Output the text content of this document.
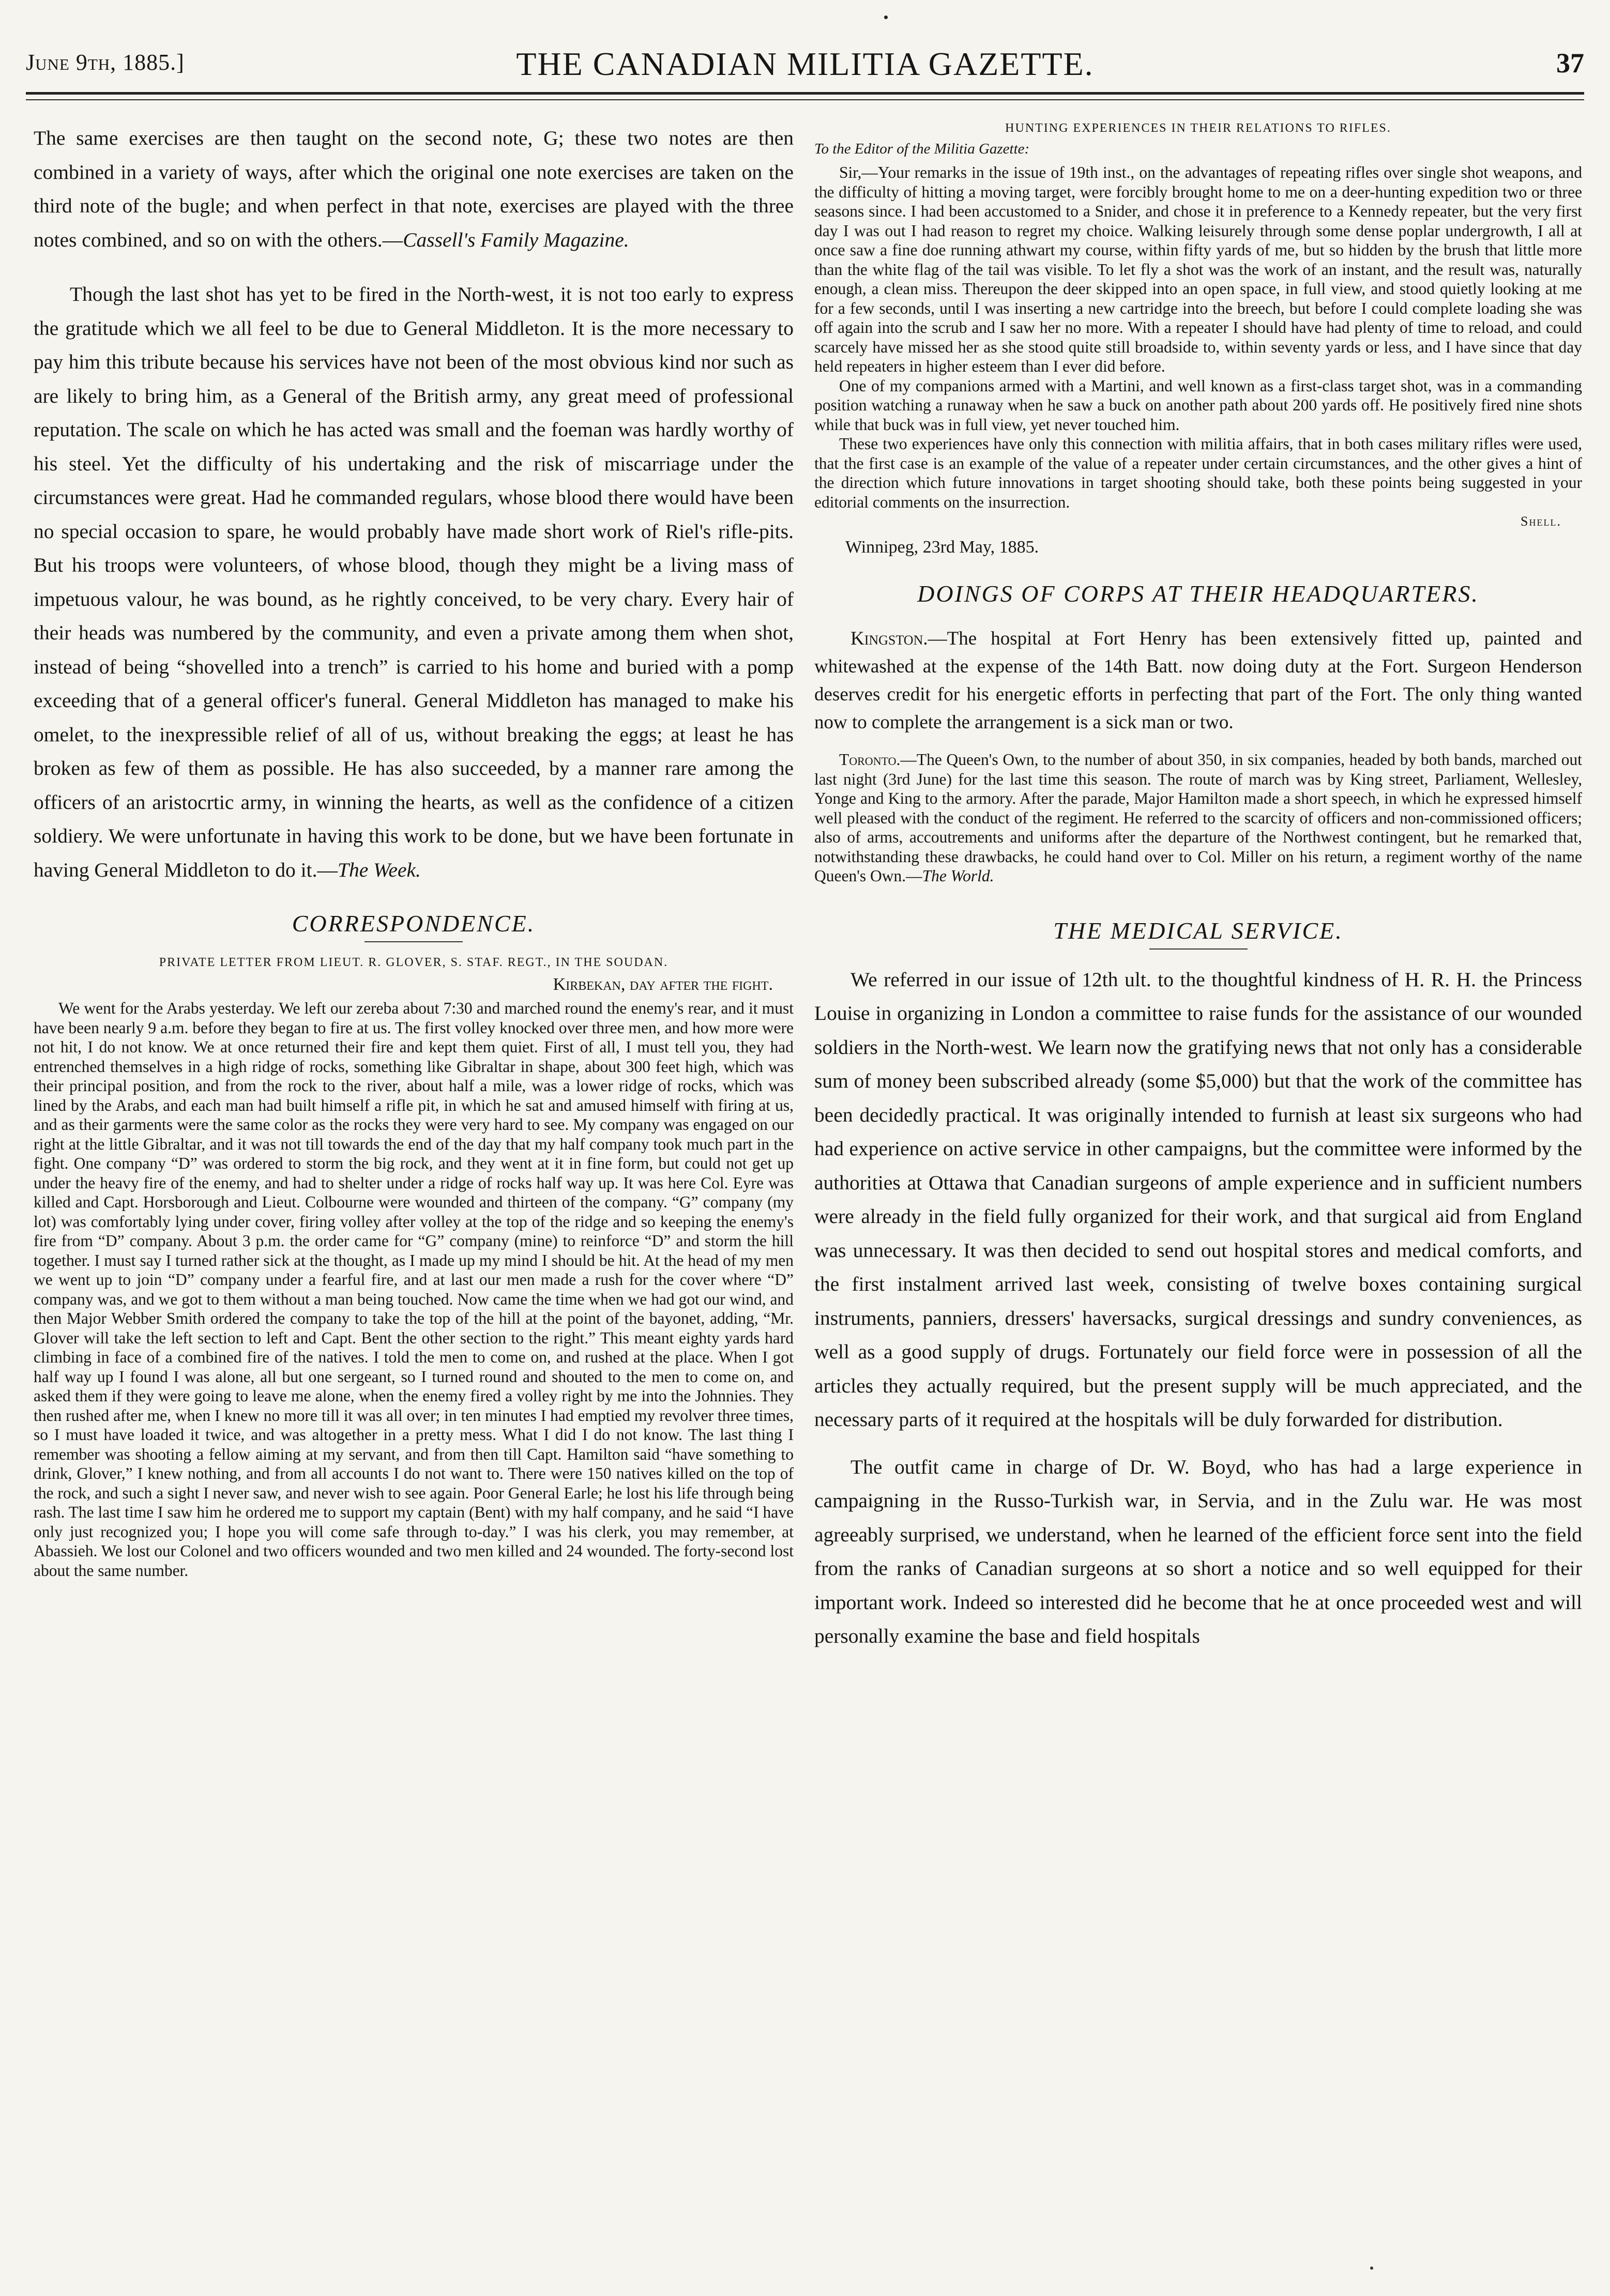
June 9th, 1885.]	THE CANADIAN MILITIA GAZETTE.	37

The same exercises are then taught on the second note, G; these two notes are then combined in a variety of ways, after which the original one note exercises are taken on the third note of the bugle; and when perfect in that note, exercises are played with the three notes combined, and so on with the others.—Cassell's Family Magazine.

Though the last shot has yet to be fired in the North-west, it is not too early to express the gratitude which we all feel to be due to General Middleton. It is the more necessary to pay him this tribute because his services have not been of the most obvious kind nor such as are likely to bring him, as a General of the British army, any great meed of professional reputation. The scale on which he has acted was small and the foeman was hardly worthy of his steel. Yet the difficulty of his undertaking and the risk of miscarriage under the circumstances were great. Had he commanded regulars, whose blood there would have been no special occasion to spare, he would probably have made short work of Riel's rifle-pits. But his troops were volunteers, of whose blood, though they might be a living mass of impetuous valour, he was bound, as he rightly conceived, to be very chary. Every hair of their heads was numbered by the community, and even a private among them when shot, instead of being “shovelled into a trench” is carried to his home and buried with a pomp exceeding that of a general officer's funeral. General Middleton has managed to make his omelet, to the inexpressible relief of all of us, without breaking the eggs; at least he has broken as few of them as possible. He has also succeeded, by a manner rare among the officers of an aristocrtic army, in winning the hearts, as well as the confidence of a citizen soldiery. We were unfortunate in having this work to be done, but we have been fortunate in having General Middleton to do it.—The Week.

CORRESPONDENCE.
PRIVATE LETTER FROM LIEUT. R. GLOVER, S. STAF. REGT., IN THE SOUDAN.
Kirbekan, day after the fight.

We went for the Arabs yesterday. We left our zereba about 7:30 and marched round the enemy's rear, and it must have been nearly 9 a.m. before they began to fire at us. The first volley knocked over three men, and how more were not hit, I do not know. We at once returned their fire and kept them quiet. First of all, I must tell you, they had entrenched themselves in a high ridge of rocks, something like Gibraltar in shape, about 300 feet high, which was their principal position, and from the rock to the river, about half a mile, was a lower ridge of rocks, which was lined by the Arabs, and each man had built himself a rifle pit, in which he sat and amused himself with firing at us, and as their garments were the same color as the rocks they were very hard to see. My company was engaged on our right at the little Gibraltar, and it was not till towards the end of the day that my half company took much part in the fight. One company “D” was ordered to storm the big rock, and they went at it in fine form, but could not get up under the heavy fire of the enemy, and had to shelter under a ridge of rocks half way up. It was here Col. Eyre was killed and Capt. Horsborough and Lieut. Colbourne were wounded and thirteen of the company. “G” company (my lot) was comfortably lying under cover, firing volley after volley at the top of the ridge and so keeping the enemy's fire from “D” company. About 3 p.m. the order came for “G” company (mine) to reinforce “D” and storm the hill together. I must say I turned rather sick at the thought, as I made up my mind I should be hit. At the head of my men we went up to join “D” company under a fearful fire, and at last our men made a rush for the cover where “D” company was, and we got to them without a man being touched. Now came the time when we had got our wind, and then Major Webber Smith ordered the company to take the top of the hill at the point of the bayonet, adding, “Mr. Glover will take the left section to left and Capt. Bent the other section to the right.” This meant eighty yards hard climbing in face of a combined fire of the natives. I told the men to come on, and rushed at the place. When I got half way up I found I was alone, all but one sergeant, so I turned round and shouted to the men to come on, and asked them if they were going to leave me alone, when the enemy fired a volley right by me into the Johnnies. They then rushed after me, when I knew no more till it was all over; in ten minutes I had emptied my revolver three times, so I must have loaded it twice, and was altogether in a pretty mess. What I did I do not know. The last thing I remember was shooting a fellow aiming at my servant, and from then till Capt. Hamilton said “have something to drink, Glover,” I knew nothing, and from all accounts I do not want to. There were 150 natives killed on the top of the rock, and such a sight I never saw, and never wish to see again. Poor General Earle; he lost his life through being rash. The last time I saw him he ordered me to support my captain (Bent) with my half company, and he said “I have only just recognized you; I hope you will come safe through to-day.” I was his clerk, you may remember, at Abassieh. We lost our Colonel and two officers wounded and two men killed and 24 wounded. The forty-second lost about the same number.

HUNTING EXPERIENCES IN THEIR RELATIONS TO RIFLES.
To the Editor of the Militia Gazette:

Sir,—Your remarks in the issue of 19th inst., on the advantages of repeating rifles over single shot weapons, and the difficulty of hitting a moving target, were forcibly brought home to me on a deer-hunting expedition two or three seasons since. I had been accustomed to a Snider, and chose it in preference to a Kennedy repeater, but the very first day I was out I had reason to regret my choice. Walking leisurely through some dense poplar undergrowth, I all at once saw a fine doe running athwart my course, within fifty yards of me, but so hidden by the brush that little more than the white flag of the tail was visible. To let fly a shot was the work of an instant, and the result was, naturally enough, a clean miss. Thereupon the deer skipped into an open space, in full view, and stood quietly looking at me for a few seconds, until I was inserting a new cartridge into the breech, but before I could complete loading she was off again into the scrub and I saw her no more. With a repeater I should have had plenty of time to reload, and could scarcely have missed her as she stood quite still broadside to, within seventy yards or less, and I have since that day held repeaters in higher esteem than I ever did before.

One of my companions armed with a Martini, and well known as a first-class target shot, was in a commanding position watching a runaway when he saw a buck on another path about 200 yards off. He positively fired nine shots while that buck was in full view, yet never touched him.

These two experiences have only this connection with militia affairs, that in both cases military rifles were used, that the first case is an example of the value of a repeater under certain circumstances, and the other gives a hint of the direction which future innovations in target shooting should take, both these points being suggested in your editorial comments on the insurrection.

Shell.
Winnipeg, 23rd May, 1885.
DOINGS OF CORPS AT THEIR HEADQUARTERS.

Kingston.—The hospital at Fort Henry has been extensively fitted up, painted and whitewashed at the expense of the 14th Batt. now doing duty at the Fort. Surgeon Henderson deserves credit for his energetic efforts in perfecting that part of the Fort. The only thing wanted now to complete the arrangement is a sick man or two.

Toronto.—The Queen's Own, to the number of about 350, in six companies, headed by both bands, marched out last night (3rd June) for the last time this season. The route of march was by King street, Parliament, Wellesley, Yonge and King to the armory. After the parade, Major Hamilton made a short speech, in which he expressed himself well pleased with the conduct of the regiment. He referred to the scarcity of officers and non-commissioned officers; also of arms, accoutrements and uniforms after the departure of the Northwest contingent, but he remarked that, notwithstanding these drawbacks, he could hand over to Col. Miller on his return, a regiment worthy of the name Queen's Own.—The World.

THE MEDICAL SERVICE.

We referred in our issue of 12th ult. to the thoughtful kindness of H. R. H. the Princess Louise in organizing in London a committee to raise funds for the assistance of our wounded soldiers in the North-west. We learn now the gratifying news that not only has a considerable sum of money been subscribed already (some $5,000) but that the work of the committee has been decidedly practical. It was originally intended to furnish at least six surgeons who had had experience on active service in other campaigns, but the committee were informed by the authorities at Ottawa that Canadian surgeons of ample experience and in sufficient numbers were already in the field fully organized for their work, and that surgical aid from England was unnecessary. It was then decided to send out hospital stores and medical comforts, and the first instalment arrived last week, consisting of twelve boxes containing surgical instruments, panniers, dressers' haversacks, surgical dressings and sundry conveniences, as well as a good supply of drugs. Fortunately our field force were in possession of all the articles they actually required, but the present supply will be much appreciated, and the necessary parts of it required at the hospitals will be duly forwarded for distribution.

The outfit came in charge of Dr. W. Boyd, who has had a large experience in campaigning in the Russo-Turkish war, in Servia, and in the Zulu war. He was most agreeably surprised, we understand, when he learned of the efficient force sent into the field from the ranks of Canadian surgeons at so short a notice and so well equipped for their important work. Indeed so interested did he become that he at once proceeded west and will personally examine the base and field hospitals
